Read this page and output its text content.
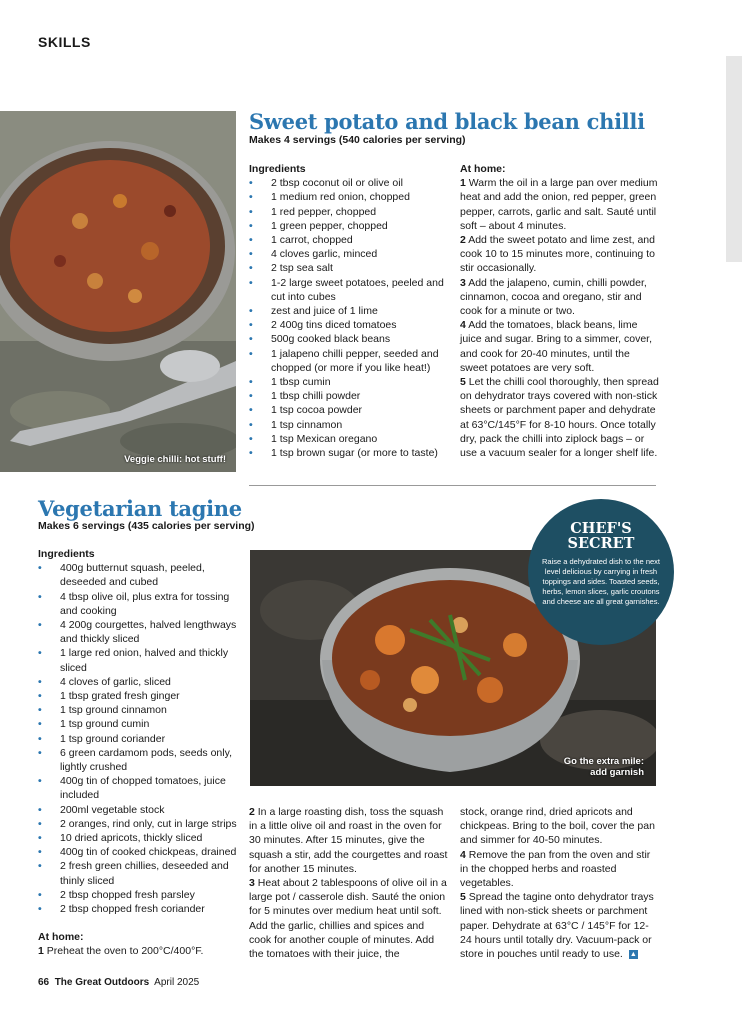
SKILLS
Veggie chilli: hot stuff!
Sweet potato and black bean chilli
Makes 4 servings (540 calories per serving)
Ingredients
• 2 tbsp coconut oil or olive oil
• 1 medium red onion, chopped
• 1 red pepper, chopped
• 1 green pepper, chopped
• 1 carrot, chopped
• 4 cloves garlic, minced
• 2 tsp sea salt
• 1-2 large sweet potatoes, peeled and cut into cubes
• zest and juice of 1 lime
• 2 400g tins diced tomatoes
• 500g cooked black beans
• 1 jalapeno chilli pepper, seeded and chopped (or more if you like heat!)
• 1 tbsp cumin
• 1 tbsp chilli powder
• 1 tsp cocoa powder
• 1 tsp cinnamon
• 1 tsp Mexican oregano
• 1 tsp brown sugar (or more to taste)
At home:

1 Warm the oil in a large pan over medium heat and add the onion, red pepper, green pepper, carrots, garlic and salt. Sauté until soft – about 4 minutes.

2 Add the sweet potato and lime zest, and cook 10 to 15 minutes more, continuing to stir occasionally.

3 Add the jalapeno, cumin, chilli powder, cinnamon, cocoa and oregano, stir and cook for a minute or two.

4 Add the tomatoes, black beans, lime juice and sugar. Bring to a simmer, cover, and cook for 20-40 minutes, until the sweet potatoes are very soft.

5 Let the chilli cool thoroughly, then spread on dehydrator trays covered with non-stick sheets or parchment paper and dehydrate at 63°C/145°F for 8-10 hours. Once totally dry, pack the chilli into ziplock bags – or use a vacuum sealer for a longer shelf life.

Vegetarian tagine
Makes 6 servings (435 calories per serving)
Ingredients
• 400g butternut squash, peeled, deseeded and cubed
• 4 tbsp olive oil, plus extra for tossing and cooking
• 4 200g courgettes, halved lengthways and thickly sliced
• 1 large red onion, halved and thickly sliced
• 4 cloves of garlic, sliced
• 1 tbsp grated fresh ginger
• 1 tsp ground cinnamon
• 1 tsp ground cumin
• 1 tsp ground coriander
• 6 green cardamom pods, seeds only, lightly crushed
• 400g tin of chopped tomatoes, juice included
• 200ml vegetable stock
• 2 oranges, rind only, cut in large strips
• 10 dried apricots, thickly sliced
• 400g tin of cooked chickpeas, drained
• 2 fresh green chillies, deseeded and thinly sliced
• 2 tbsp chopped fresh parsley
• 2 tbsp chopped fresh coriander
At home:

1 Preheat the oven to 200°C/400°F.

Go the extra mile:
add garnish
CHEF'S
SECRET
Raise a dehydrated dish to the next level delicious by carrying in fresh toppings and sides. Toasted seeds, herbs, lemon slices, garlic croutons and cheese are all great garnishes.

2 In a large roasting dish, toss the squash in a little olive oil and roast in the oven for 30 minutes. After 15 minutes, give the squash a stir, add the courgettes and roast for another 15 minutes.

3 Heat about 2 tablespoons of olive oil in a large pot / casserole dish. Sauté the onion for 5 minutes over medium heat until soft. Add the garlic, chillies and spices and cook for another couple of minutes. Add the tomatoes with their juice, the

stock, orange rind, dried apricots and chickpeas. Bring to the boil, cover the pan and simmer for 40-50 minutes.

4 Remove the pan from the oven and stir in the chopped herbs and roasted vegetables.

5 Spread the tagine onto dehydrator trays lined with non-stick sheets or parchment paper. Dehydrate at 63°C / 145°F for 12-24 hours until totally dry. Vacuum-pack or store in pouches until ready to use. ▲

66 The Great Outdoors April 2025
